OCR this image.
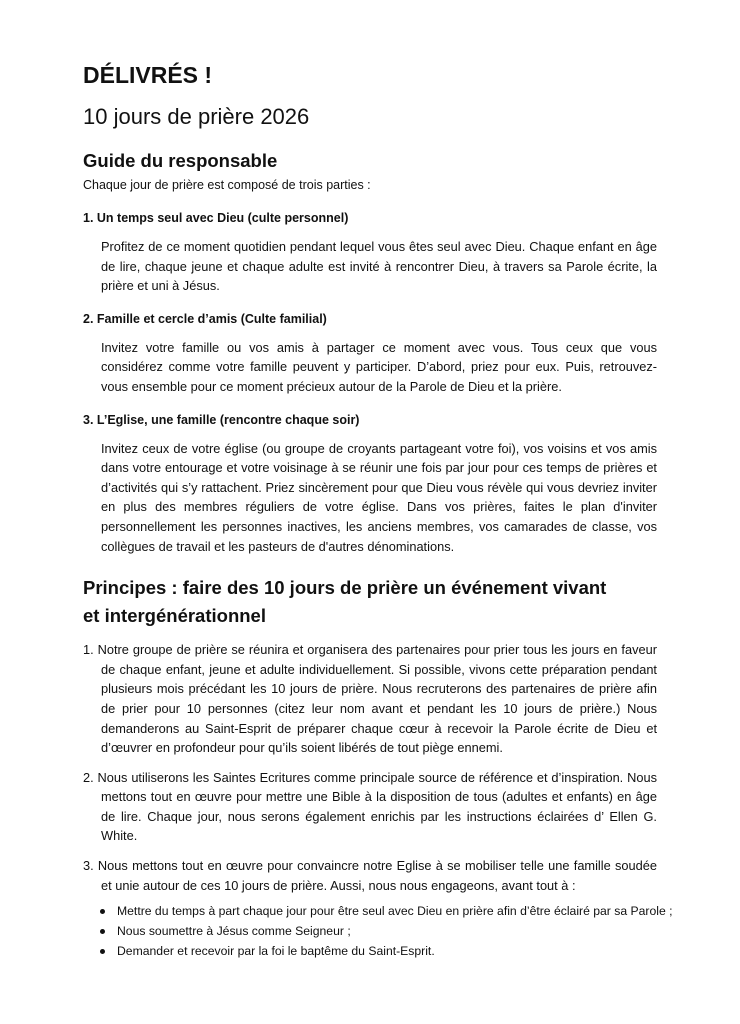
DÉLIVRÉS !
10 jours de prière 2026
Guide du responsable
Chaque jour de prière est composé de trois parties :
1. Un temps seul avec Dieu (culte personnel)
Profitez de ce moment quotidien pendant lequel vous êtes seul avec Dieu. Chaque enfant en âge de lire, chaque jeune et chaque adulte est invité à rencontrer Dieu, à travers sa Parole écrite, la prière et uni à Jésus.
2. Famille et cercle d’amis (Culte familial)
Invitez votre famille ou vos amis à partager ce moment avec vous. Tous ceux que vous considérez comme votre famille peuvent y participer. D’abord, priez pour eux. Puis, retrouvez-vous ensemble pour ce moment précieux autour de la Parole de Dieu et la prière.
3. L’Eglise, une famille (rencontre chaque soir)
Invitez ceux de votre église (ou groupe de croyants partageant votre foi), vos voisins et vos amis dans votre entourage et votre voisinage à se réunir une fois par jour pour ces temps de prières et d’activités qui s’y rattachent. Priez sincèrement pour que Dieu vous révèle qui vous devriez inviter en plus des membres réguliers de votre église. Dans vos prières, faites le plan d'inviter personnellement les personnes inactives, les anciens membres, vos camarades de classe, vos collègues de travail et les pasteurs de d'autres dénominations.
Principes : faire des 10 jours de prière un événement vivant
et intergénérationnel
1. Notre groupe de prière se réunira et organisera des partenaires pour prier tous les jours en faveur de chaque enfant, jeune et adulte individuellement. Si possible, vivons cette préparation pendant plusieurs mois précédant les 10 jours de prière. Nous recruterons des partenaires de prière afin de prier pour 10 personnes (citez leur nom avant et pendant les 10 jours de prière.) Nous demanderons au Saint-Esprit de préparer chaque cœur à recevoir la Parole écrite de Dieu et d’œuvrer en profondeur pour qu’ils soient libérés de tout piège ennemi.
2. Nous utiliserons les Saintes Ecritures comme principale source de référence et d’inspiration. Nous mettons tout en œuvre pour mettre une Bible à la disposition de tous (adultes et enfants) en âge de lire. Chaque jour, nous serons également enrichis par les instructions éclairées d’ Ellen G. White.
3. Nous mettons tout en œuvre pour convaincre notre Eglise à se mobiliser telle une famille soudée et unie autour de ces 10 jours de prière. Aussi, nous nous engageons, avant tout à :
Mettre du temps à part chaque jour pour être seul avec Dieu en prière afin d’être éclairé par sa Parole ;
Nous soumettre à Jésus comme Seigneur ;
Demander et recevoir par la foi le baptême du Saint-Esprit.
